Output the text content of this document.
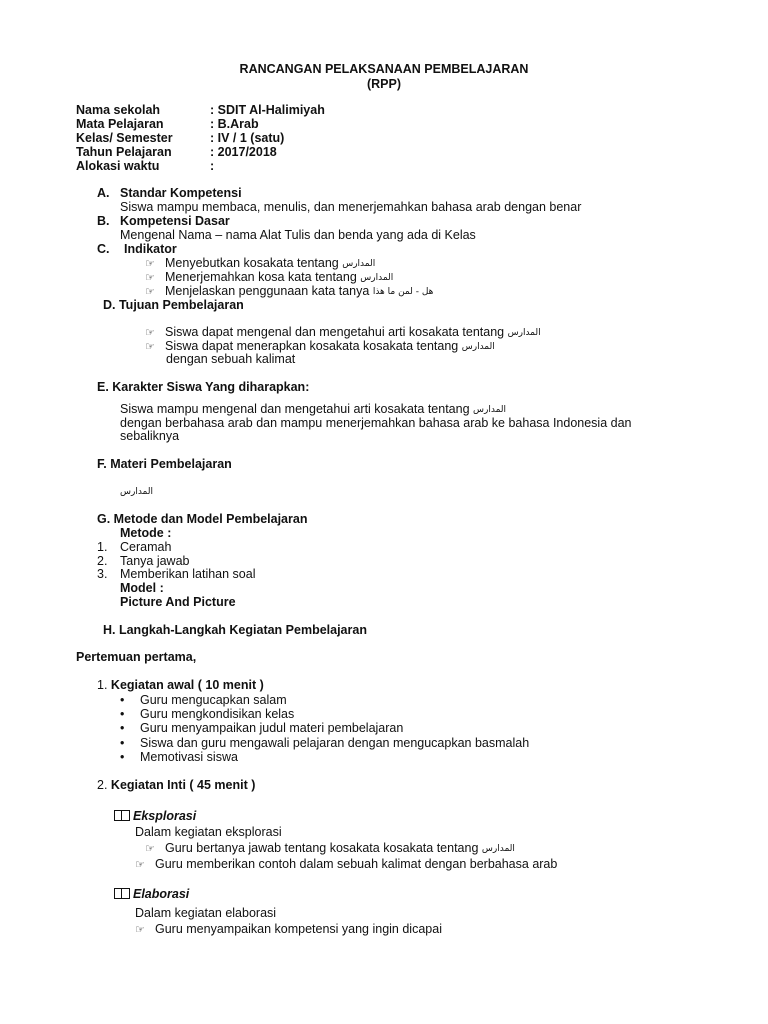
RANCANGAN PELAKSANAAN PEMBELAJARAN
(RPP)
Nama sekolah	: SDIT Al-Halimiyah
Mata Pelajaran	: B.Arab
Kelas/ Semester	: IV / 1 (satu)
Tahun Pelajaran	: 2017/2018
Alokasi waktu	:
A. Standar Kompetensi
Siswa mampu membaca, menulis, dan menerjemahkan bahasa arab dengan benar
B. Kompetensi Dasar
Mengenal Nama – nama Alat Tulis dan benda yang ada di Kelas
C. Indikator
☞ Menyebutkan kosakata tentang المدارس
☞ Menerjemahkan kosa kata tentang المدارس
☞ Menjelaskan penggunaan kata tanya هل - لمن ما هذا
D. Tujuan Pembelajaran
☞ Siswa dapat mengenal dan mengetahui arti kosakata tentang المدارس
☞ Siswa dapat menerapkan kosakata kosakata tentang المدارس
dengan sebuah kalimat
E. Karakter Siswa Yang diharapkan:
Siswa mampu mengenal dan mengetahui arti kosakata tentang المدارس
dengan berbahasa arab dan mampu menerjemahkan bahasa arab ke bahasa Indonesia dan
sebaliknya
F. Materi Pembelajaran
المدارس
G. Metode dan Model Pembelajaran
Metode :
1. Ceramah
2. Tanya jawab
3. Memberikan latihan soal
Model :
Picture And Picture
H. Langkah-Langkah Kegiatan Pembelajaran
Pertemuan pertama,
1. Kegiatan awal ( 10 menit )
• Guru mengucapkan salam
• Guru mengkondisikan kelas
• Guru menyampaikan judul materi pembelajaran
• Siswa dan guru mengawali pelajaran dengan mengucapkan basmalah
• Memotivasi siswa
2. Kegiatan Inti ( 45 menit )
Eksplorasi
Dalam kegiatan eksplorasi
☞ Guru bertanya jawab tentang kosakata kosakata tentang المدارس
☞ Guru memberikan contoh dalam sebuah kalimat dengan berbahasa arab
Elaborasi
Dalam kegiatan elaborasi
☞ Guru menyampaikan kompetensi yang ingin dicapai
